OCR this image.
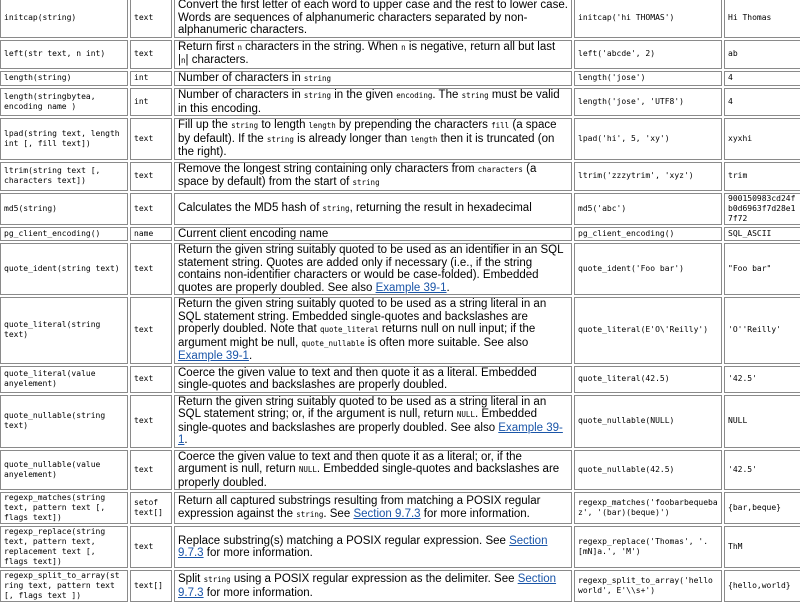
initcap(string)	text	Convert the first letter of each word to upper case and the rest to lower case. Words are sequences of alphanumeric characters separated by non-alphanumeric characters.	initcap('hi THOMAS')	Hi Thomas
left(str text, n int)	text	Return first n characters in the string. When n is negative, return all but last |n| characters.	left('abcde', 2)	ab
length(string)	int	Number of characters in string	length('jose')	4
length(stringbytea, encoding name )	int	Number of characters in string in the given encoding. The string must be valid in this encoding.	length('jose', 'UTF8')	4
lpad(string text, length int [, fill text])	text	Fill up the string to length length by prepending the characters fill (a space by default). If the string is already longer than length then it is truncated (on the right).	lpad('hi', 5, 'xy')	xyxhi
ltrim(string text [, characters text])	text	Remove the longest string containing only characters from characters (a space by default) from the start of string	ltrim('zzzytrim', 'xyz')	trim
md5(string)	text	Calculates the MD5 hash of string, returning the result in hexadecimal	md5('abc')	900150983cd24fb0d6963f7d28e17f72
pg_client_encoding()	name	Current client encoding name	pg_client_encoding()	SQL_ASCII
quote_ident(string text)	text	Return the given string suitably quoted to be used as an identifier in an SQL statement string. Quotes are added only if necessary (i.e., if the string contains non-identifier characters or would be case-folded). Embedded quotes are properly doubled. See also Example 39-1.	quote_ident('Foo bar')	"Foo bar"
quote_literal(string text)	text	Return the given string suitably quoted to be used as a string literal in an SQL statement string. Embedded single-quotes and backslashes are properly doubled. Note that quote_literal returns null on null input; if the argument might be null, quote_nullable is often more suitable. See also Example 39-1.	quote_literal(E'O\'Reilly')	'O''Reilly'
quote_literal(value anyelement)	text	Coerce the given value to text and then quote it as a literal. Embedded single-quotes and backslashes are properly doubled.	quote_literal(42.5)	'42.5'
quote_nullable(string text)	text	Return the given string suitably quoted to be used as a string literal in an SQL statement string; or, if the argument is null, return NULL. Embedded single-quotes and backslashes are properly doubled. See also Example 39-1.	quote_nullable(NULL)	NULL
quote_nullable(value anyelement)	text	Coerce the given value to text and then quote it as a literal; or, if the argument is null, return NULL. Embedded single-quotes and backslashes are properly doubled.	quote_nullable(42.5)	'42.5'
regexp_matches(string text, pattern text [, flags text])	setof text[]	Return all captured substrings resulting from matching a POSIX regular expression against the string. See Section 9.7.3 for more information.	regexp_matches('foobarbequebaz', '(bar)(beque)')	{bar,beque}
regexp_replace(string text, pattern text, replacement text [, flags text])	text	Replace substring(s) matching a POSIX regular expression. See Section 9.7.3 for more information.	regexp_replace('Thomas', '.[mN]a.', 'M')	ThM
regexp_split_to_array(string text, pattern text [, flags text ])	text[]	Split string using a POSIX regular expression as the delimiter. See Section 9.7.3 for more information.	regexp_split_to_array('hello world', E'\\s+')	{hello,world}
